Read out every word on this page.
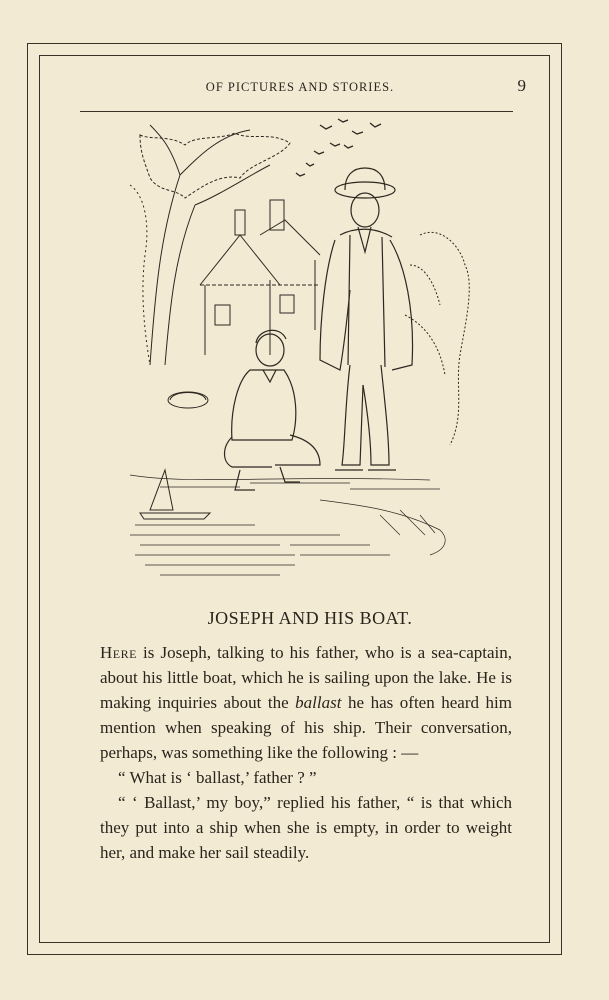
OF PICTURES AND STORIES.	9
JOSEPH AND HIS BOAT.

Here is Joseph, talking to his father, who is a sea-captain, about his little boat, which he is sailing upon the lake. He is making inquiries about the ballast he has often heard him mention when speaking of his ship. Their conversation, perhaps, was something like the following : —

“ What is ‘ ballast,’ father ? ”

“ ‘ Ballast,’ my boy,” replied his father, “ is that which they put into a ship when she is empty, in order to weight her, and make her sail steadily.
